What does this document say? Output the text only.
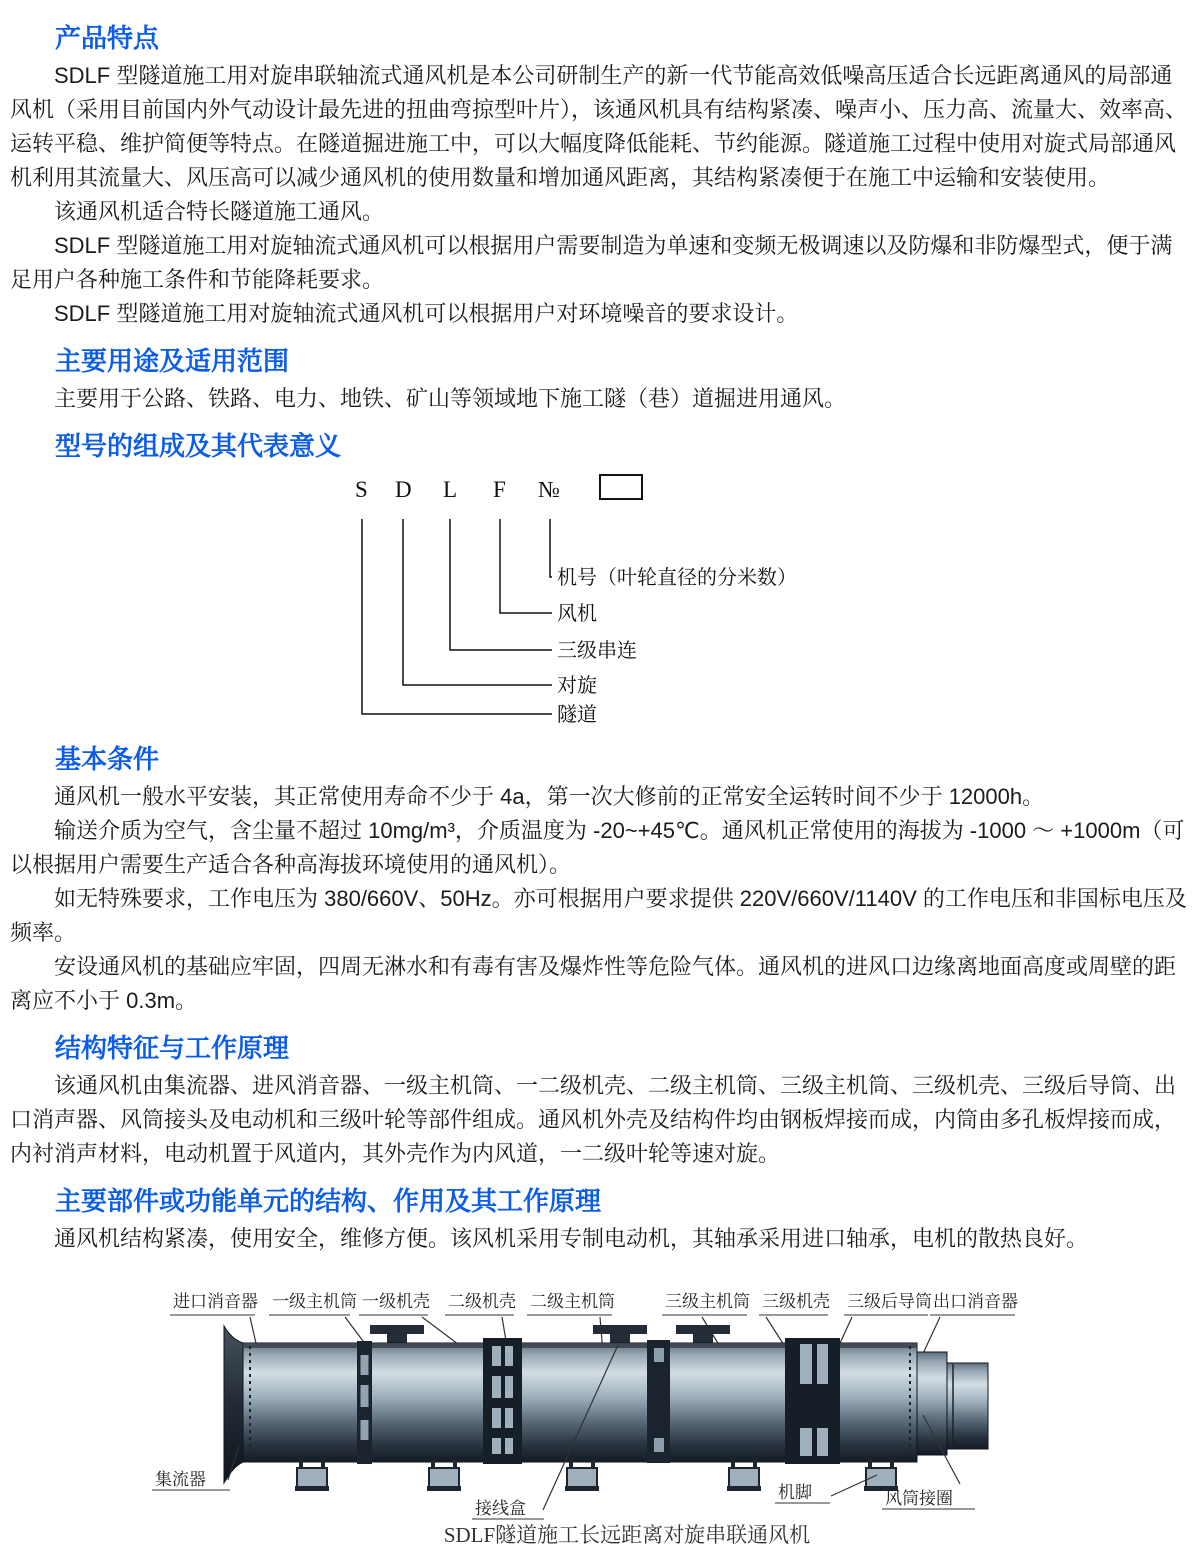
产品特点

SDLF 型隧道施工用对旋串联轴流式通风机是本公司研制生产的新一代节能高效低噪高压适合长远距离通风的局部通风机（采用目前国内外气动设计最先进的扭曲弯掠型叶片），该通风机具有结构紧凑、噪声小、压力高、流量大、效率高、运转平稳、维护简便等特点。在隧道掘进施工中，可以大幅度降低能耗、节约能源。隧道施工过程中使用对旋式局部通风机利用其流量大、风压高可以减少通风机的使用数量和增加通风距离，其结构紧凑便于在施工中运输和安装使用。

该通风机适合特长隧道施工通风。

SDLF 型隧道施工用对旋轴流式通风机可以根据用户需要制造为单速和变频无极调速以及防爆和非防爆型式，便于满足用户各种施工条件和节能降耗要求。

SDLF 型隧道施工用对旋轴流式通风机可以根据用户对环境噪音的要求设计。

主要用途及适用范围

主要用于公路、铁路、电力、地铁、矿山等领域地下施工隧（巷）道掘进用通风。

型号的组成及其代表意义
S D L F №
机号（叶轮直径的分米数）
风机
三级串连
对旋
隧道
基本条件

通风机一般水平安装，其正常使用寿命不少于 4a，第一次大修前的正常安全运转时间不少于 12000h。

输送介质为空气，含尘量不超过 10mg/m³，介质温度为 -20~+45℃。通风机正常使用的海拔为 -1000 ～ +1000m（可以根据用户需要生产适合各种高海拔环境使用的通风机）。

如无特殊要求，工作电压为 380/660V、50Hz。亦可根据用户要求提供 220V/660V/1140V 的工作电压和非国标电压及频率。

安设通风机的基础应牢固，四周无淋水和有毒有害及爆炸性等危险气体。通风机的进风口边缘离地面高度或周壁的距离应不小于 0.3m。

结构特征与工作原理

该通风机由集流器、进风消音器、一级主机筒、一二级机壳、二级主机筒、三级主机筒、三级机壳、三级后导筒、出口消声器、风筒接头及电动机和三级叶轮等部件组成。通风机外壳及结构件均由钢板焊接而成，内筒由多孔板焊接而成，内衬消声材料，电动机置于风道内，其外壳作为内风道，一二级叶轮等速对旋。

主要部件或功能单元的结构、作用及其工作原理

通风机结构紧凑，使用安全，维修方便。该风机采用专制电动机，其轴承采用进口轴承，电机的散热良好。

进口消音器 一级主机筒 一级机壳 二级机壳 二级主机筒	三级主机筒 三级机壳 三级后导筒 出口消音器
集流器
接线盒
机脚	风筒接圈
SDLF隧道施工长远距离对旋串联通风机
